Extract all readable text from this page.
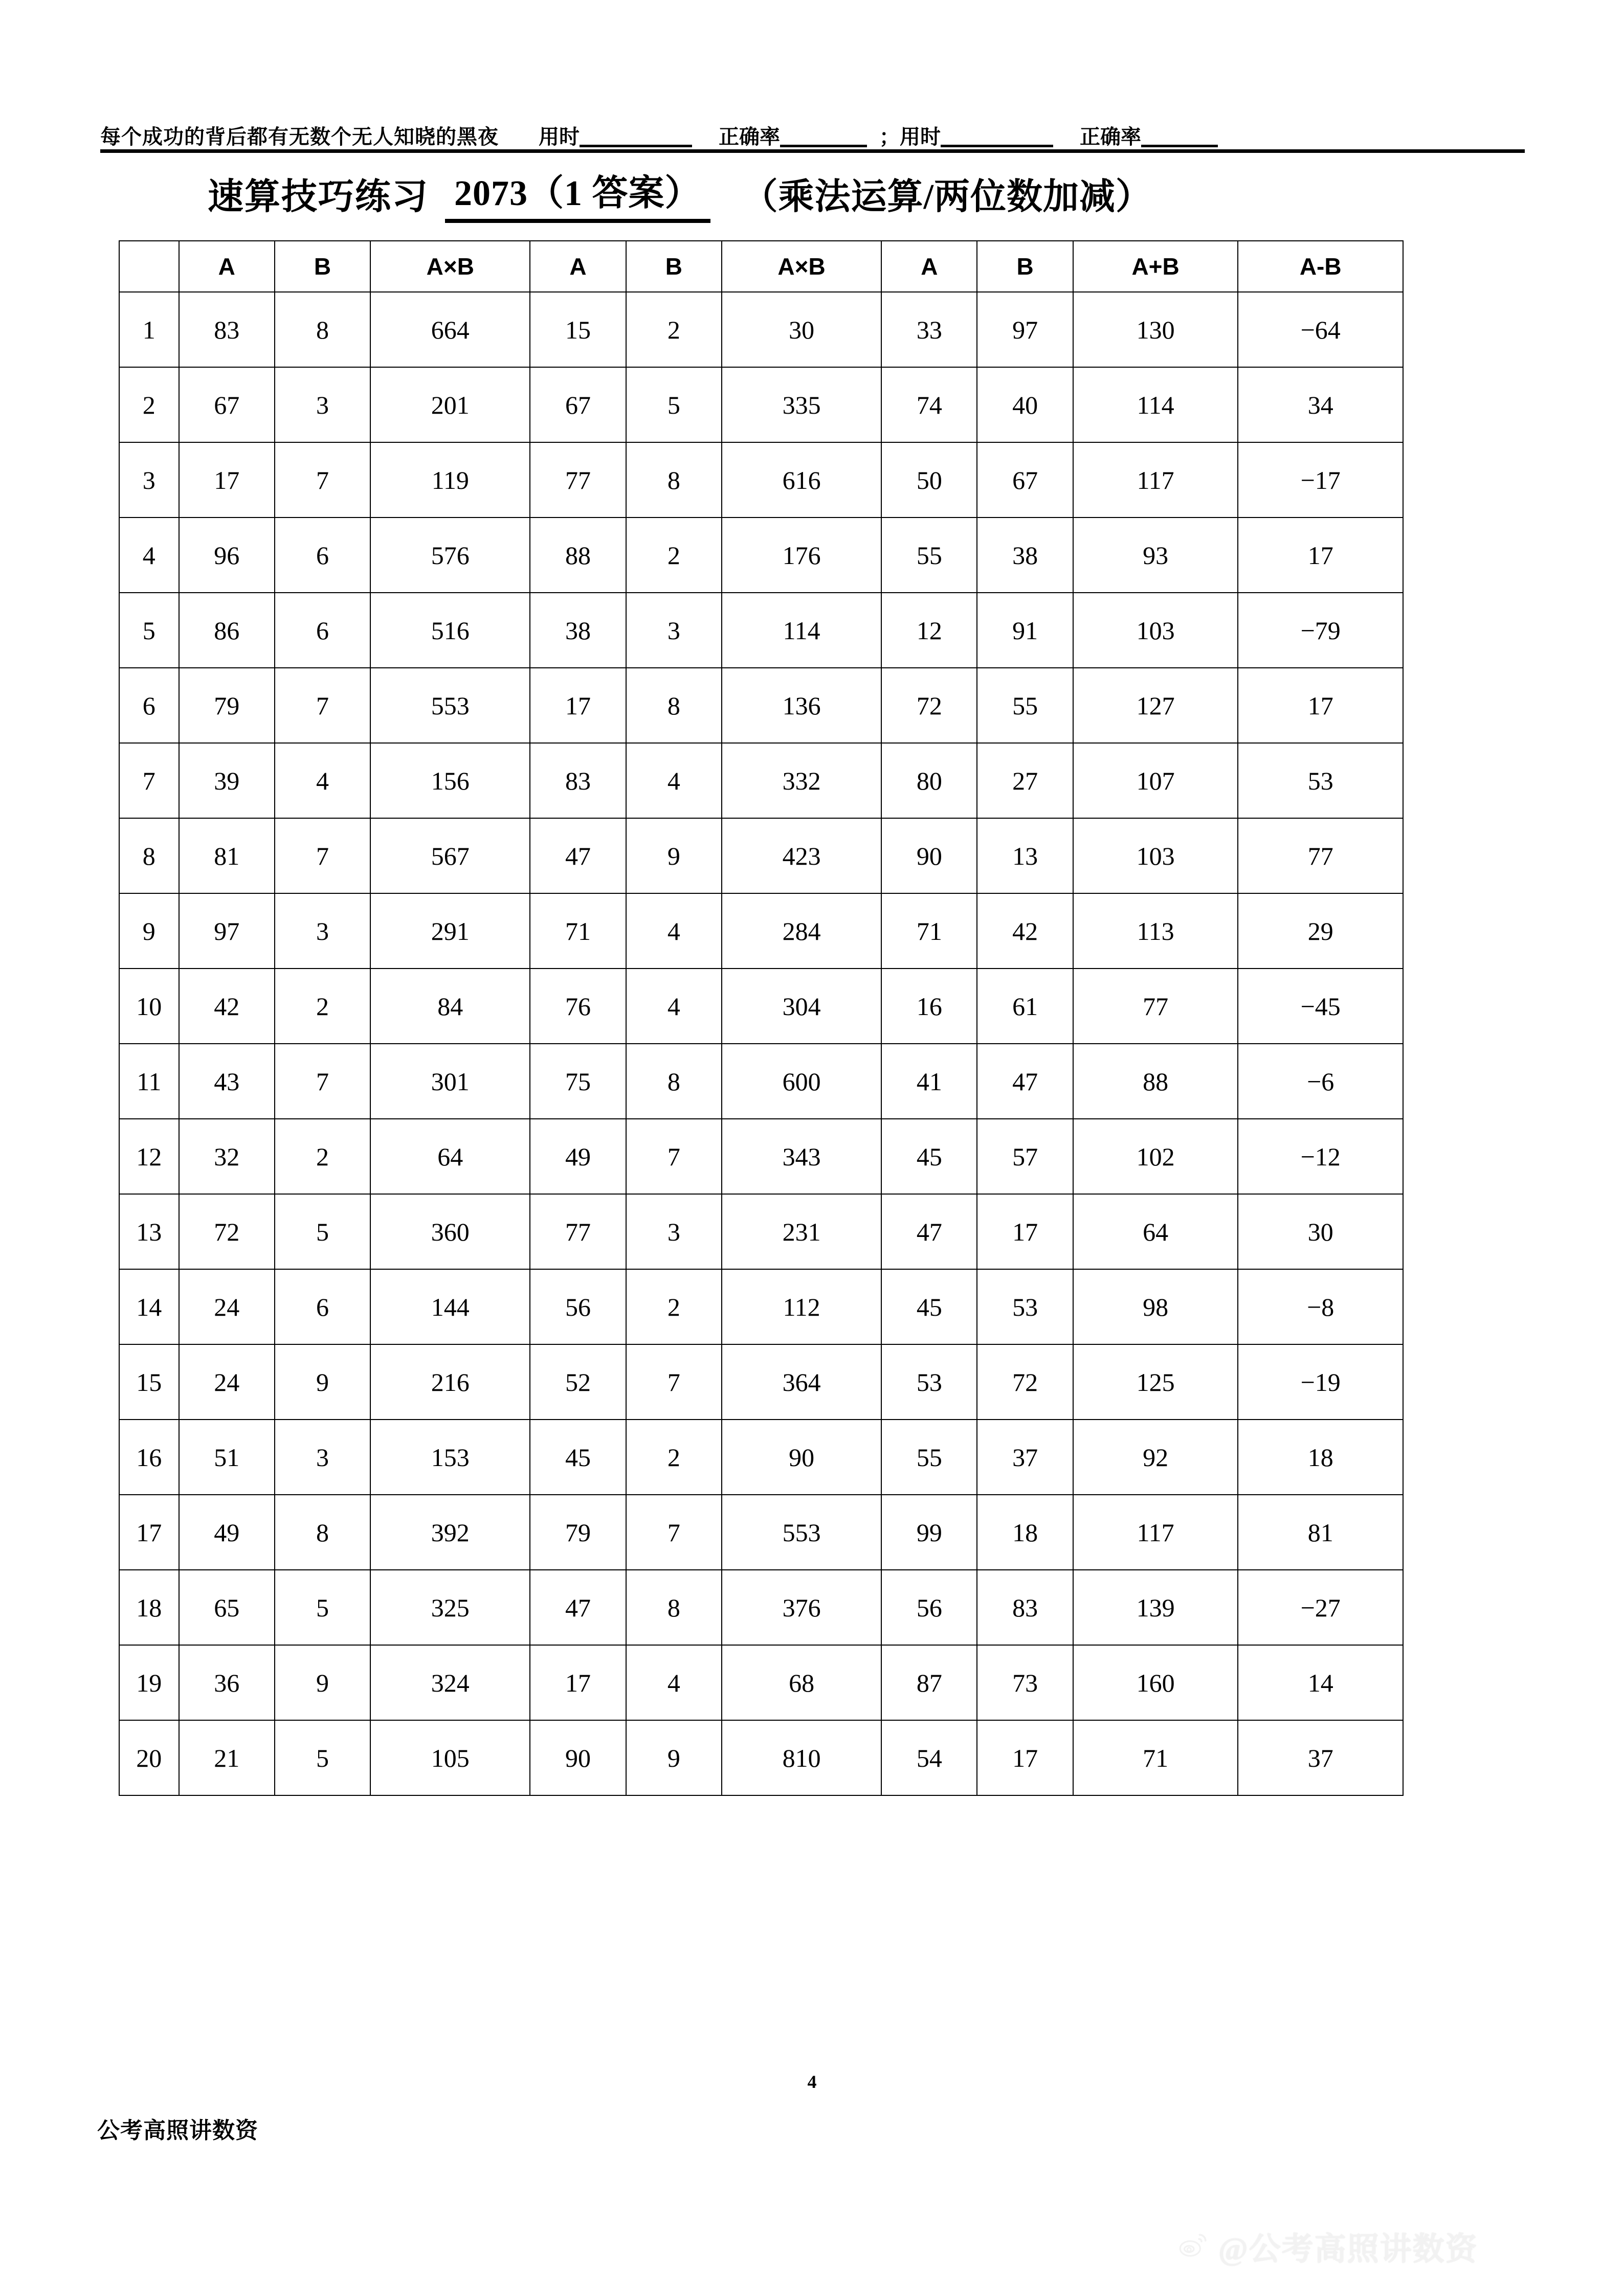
每个成功的背后都有无数个无人知晓的黑夜 用时	正确率	； 用时	正确率
速算技巧练习 2073（1 答案） （乘法运算/两位数加减）
	A	B	A×B	A	B	A×B	A	B	A+B	A-B
1	83	8	664	15	2	30	33	97	130	−64
2	67	3	201	67	5	335	74	40	114	34
3	17	7	119	77	8	616	50	67	117	−17
4	96	6	576	88	2	176	55	38	93	17
5	86	6	516	38	3	114	12	91	103	−79
6	79	7	553	17	8	136	72	55	127	17
7	39	4	156	83	4	332	80	27	107	53
8	81	7	567	47	9	423	90	13	103	77
9	97	3	291	71	4	284	71	42	113	29
10	42	2	84	76	4	304	16	61	77	−45
11	43	7	301	75	8	600	41	47	88	−6
12	32	2	64	49	7	343	45	57	102	−12
13	72	5	360	77	3	231	47	17	64	30
14	24	6	144	56	2	112	45	53	98	−8
15	24	9	216	52	7	364	53	72	125	−19
16	51	3	153	45	2	90	55	37	92	18
17	49	8	392	79	7	553	99	18	117	81
18	65	5	325	47	8	376	56	83	139	−27
19	36	9	324	17	4	68	87	73	160	14
20	21	5	105	90	9	810	54	17	71	37
4
公考高照讲数资
@公考高照讲数资
